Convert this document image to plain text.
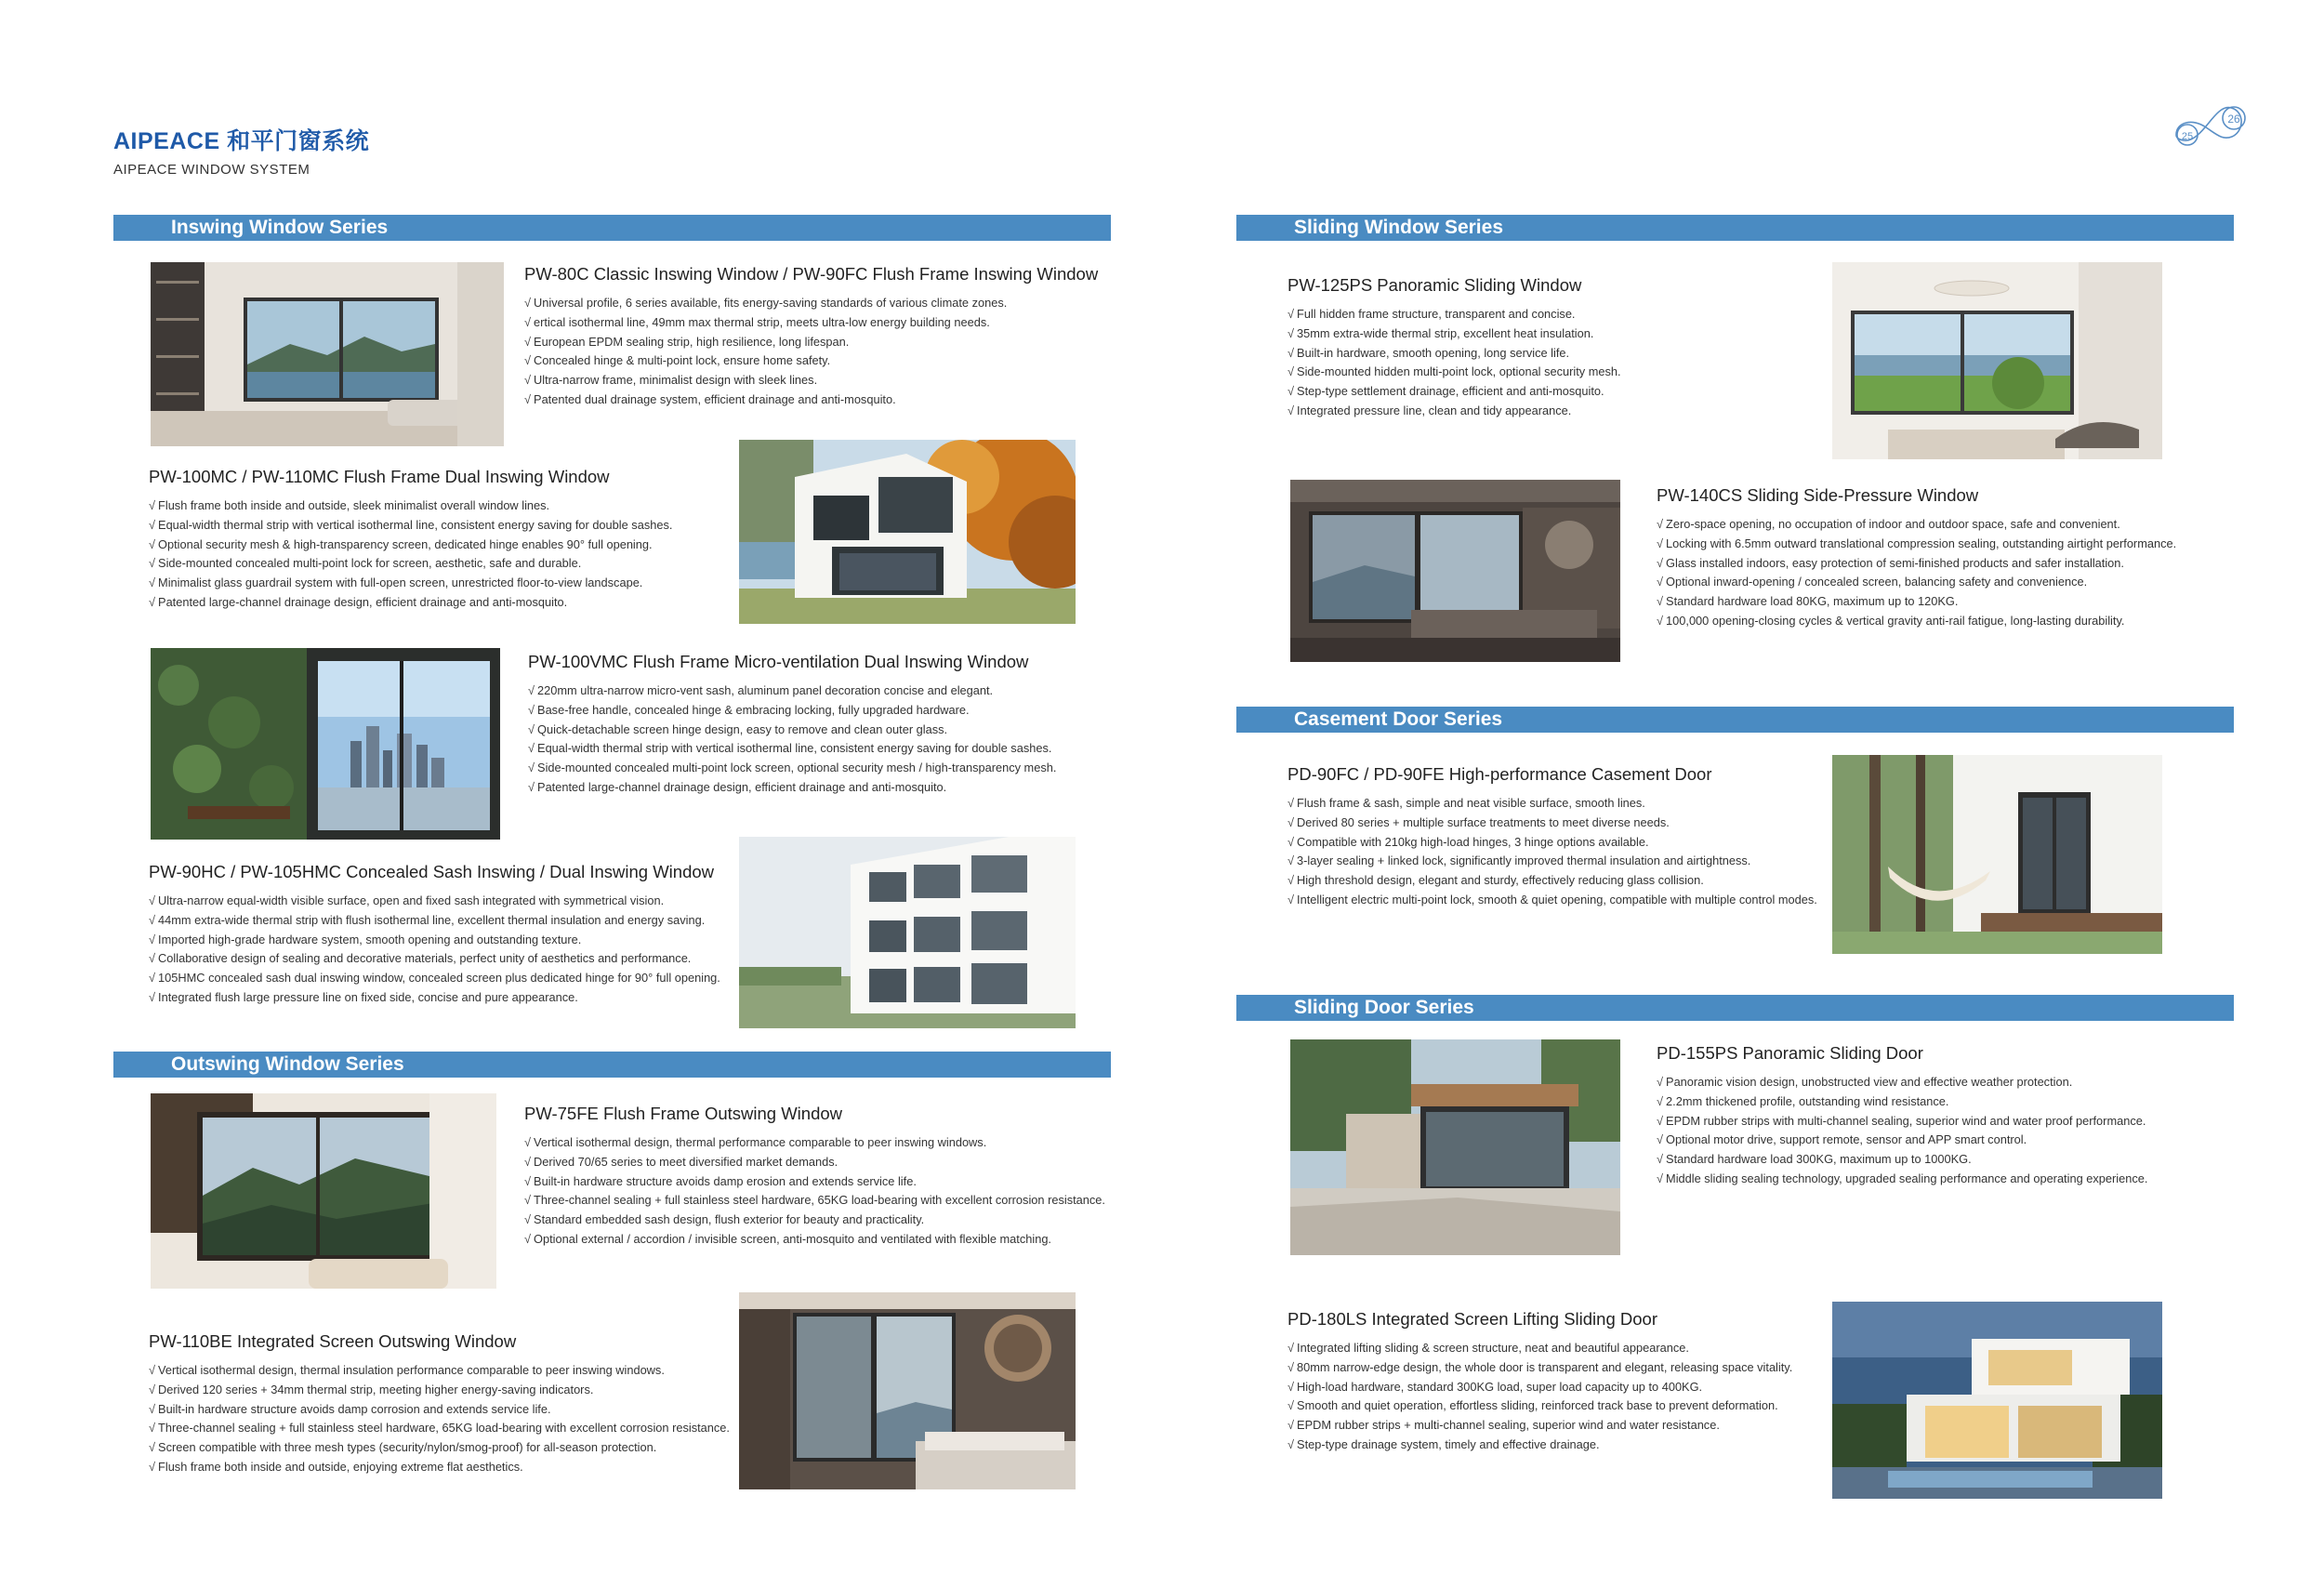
AIPEACE 和平门窗系统
AIPEACE WINDOW SYSTEM
26
25
Inswing Window Series
Outswing Window Series
Sliding Window Series
Casement Door Series
Sliding Door Series
PW-80C Classic Inswing Window / PW-90FC Flush Frame Inswing Window
√ Universal profile, 6 series available, fits energy-saving standards of various climate zones.
√ ertical isothermal line, 49mm max thermal strip, meets ultra-low energy building needs.
√ European EPDM sealing strip, high resilience, long lifespan.
√ Concealed hinge & multi-point lock, ensure home safety.
√ Ultra-narrow frame, minimalist design with sleek lines.
√ Patented dual drainage system, efficient drainage and anti-mosquito.
PW-100MC / PW-110MC Flush Frame Dual Inswing Window
√ Flush frame both inside and outside, sleek minimalist overall window lines.
√ Equal-width thermal strip with vertical isothermal line, consistent energy saving for double sashes.
√ Optional security mesh & high-transparency screen, dedicated hinge enables 90° full opening.
√ Side-mounted concealed multi-point lock for screen, aesthetic, safe and durable.
√ Minimalist glass guardrail system with full-open screen, unrestricted floor-to-view landscape.
√ Patented large-channel drainage design, efficient drainage and anti-mosquito.
PW-100VMC Flush Frame Micro-ventilation Dual Inswing Window
√ 220mm ultra-narrow micro-vent sash, aluminum panel decoration concise and elegant.
√ Base-free handle, concealed hinge & embracing locking, fully upgraded hardware.
√ Quick-detachable screen hinge design, easy to remove and clean outer glass.
√ Equal-width thermal strip with vertical isothermal line, consistent energy saving for double sashes.
√ Side-mounted concealed multi-point lock screen, optional security mesh / high-transparency mesh.
√ Patented large-channel drainage design, efficient drainage and anti-mosquito.
PW-90HC / PW-105HMC Concealed Sash Inswing / Dual Inswing Window
√ Ultra-narrow equal-width visible surface, open and fixed sash integrated with symmetrical vision.
√ 44mm extra-wide thermal strip with flush isothermal line, excellent thermal insulation and energy saving.
√ Imported high-grade hardware system, smooth opening and outstanding texture.
√ Collaborative design of sealing and decorative materials, perfect unity of aesthetics and performance.
√ 105HMC concealed sash dual inswing window, concealed screen plus dedicated hinge for 90° full opening.
√ Integrated flush large pressure line on fixed side, concise and pure appearance.
PW-75FE Flush Frame Outswing Window
√ Vertical isothermal design, thermal performance comparable to peer inswing windows.
√ Derived 70/65 series to meet diversified market demands.
√ Built-in hardware structure avoids damp erosion and extends service life.
√ Three-channel sealing + full stainless steel hardware, 65KG load-bearing with excellent corrosion resistance.
√ Standard embedded sash design, flush exterior for beauty and practicality.
√ Optional external / accordion / invisible screen, anti-mosquito and ventilated with flexible matching.
PW-110BE Integrated Screen Outswing Window
√ Vertical isothermal design, thermal insulation performance comparable to peer inswing windows.
√ Derived 120 series + 34mm thermal strip, meeting higher energy-saving indicators.
√ Built-in hardware structure avoids damp corrosion and extends service life.
√ Three-channel sealing + full stainless steel hardware, 65KG load-bearing with excellent corrosion resistance.
√ Screen compatible with three mesh types (security/nylon/smog-proof) for all-season protection.
√ Flush frame both inside and outside, enjoying extreme flat aesthetics.
PW-125PS Panoramic Sliding Window
√ Full hidden frame structure, transparent and concise.
√ 35mm extra-wide thermal strip, excellent heat insulation.
√ Built-in hardware, smooth opening, long service life.
√ Side-mounted hidden multi-point lock, optional security mesh.
√ Step-type settlement drainage, efficient and anti-mosquito.
√ Integrated pressure line, clean and tidy appearance.
PW-140CS Sliding Side-Pressure Window
√ Zero-space opening, no occupation of indoor and outdoor space, safe and convenient.
√ Locking with 6.5mm outward translational compression sealing, outstanding airtight performance.
√ Glass installed indoors, easy protection of semi-finished products and safer installation.
√ Optional inward-opening / concealed screen, balancing safety and convenience.
√ Standard hardware load 80KG, maximum up to 120KG.
√ 100,000 opening-closing cycles & vertical gravity anti-rail fatigue, long-lasting durability.
PD-90FC / PD-90FE High-performance Casement Door
√ Flush frame & sash, simple and neat visible surface, smooth lines.
√ Derived 80 series + multiple surface treatments to meet diverse needs.
√ Compatible with 210kg high-load hinges, 3 hinge options available.
√ 3-layer sealing + linked lock, significantly improved thermal insulation and airtightness.
√ High threshold design, elegant and sturdy, effectively reducing glass collision.
√ Intelligent electric multi-point lock, smooth & quiet opening, compatible with multiple control modes.
PD-155PS Panoramic Sliding Door
√ Panoramic vision design, unobstructed view and effective weather protection.
√ 2.2mm thickened profile, outstanding wind resistance.
√ EPDM rubber strips with multi-channel sealing, superior wind and water proof performance.
√ Optional motor drive, support remote, sensor and APP smart control.
√ Standard hardware load 300KG, maximum up to 1000KG.
√ Middle sliding sealing technology, upgraded sealing performance and operating experience.
PD-180LS Integrated Screen Lifting Sliding Door
√ Integrated lifting sliding & screen structure, neat and beautiful appearance.
√ 80mm narrow-edge design, the whole door is transparent and elegant, releasing space vitality.
√ High-load hardware, standard 300KG load, super load capacity up to 400KG.
√ Smooth and quiet operation, effortless sliding, reinforced track base to prevent deformation.
√ EPDM rubber strips + multi-channel sealing, superior wind and water resistance.
√ Step-type drainage system, timely and effective drainage.
